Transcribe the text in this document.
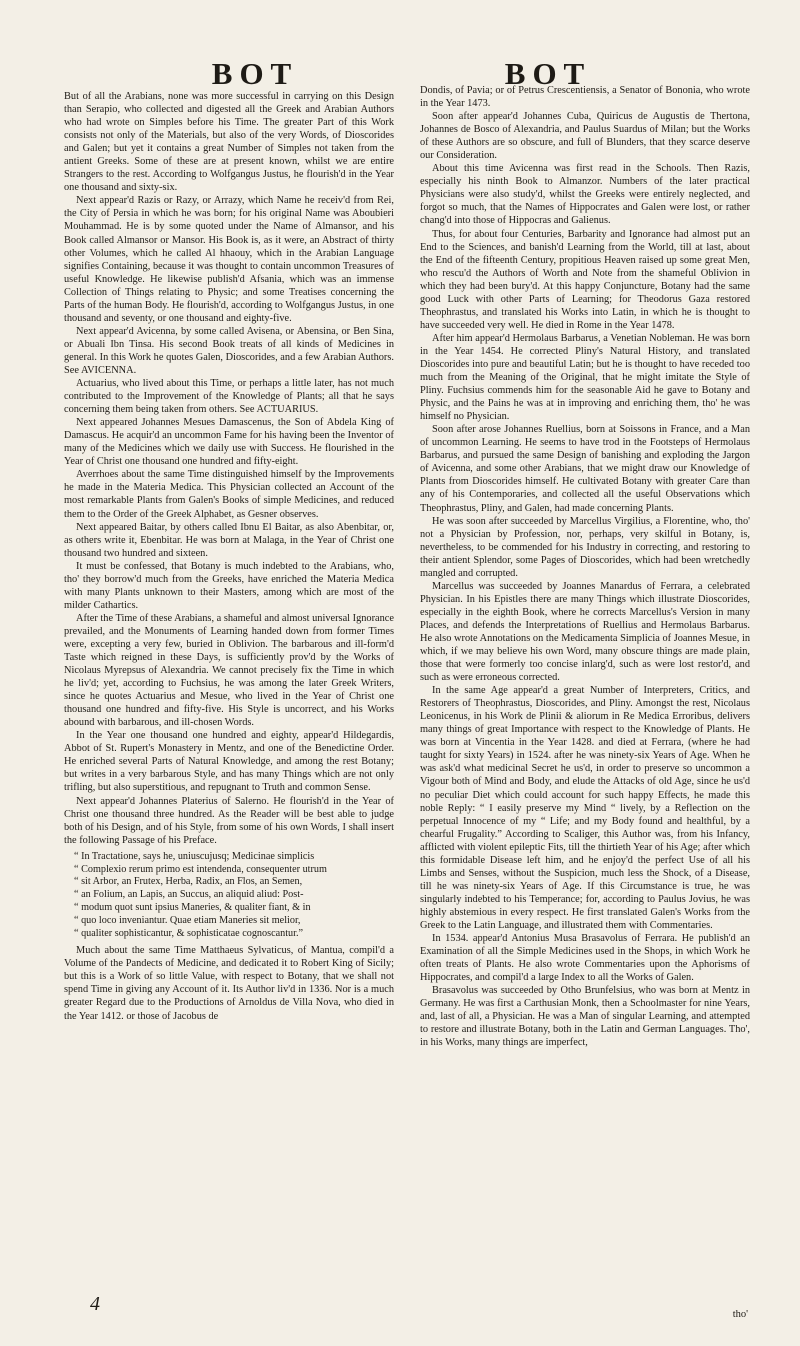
BOT	BOT

But of all the Arabians, none was more successful in carrying on this Design than Serapio, who collected and digested all the Greek and Arabian Authors who had wrote on Simples before his Time. The greater Part of this Work consists not only of the Materials, but also of the very Words, of Dioscorides and Galen; but yet it contains a great Number of Simples not taken from the antient Greeks. Some of these are at present known, whilst we are entire Strangers to the rest. According to Wolfgangus Justus, he flourish'd in the Year one thousand and sixty-six.

Next appear'd Razis or Razy, or Arrazy, which Name he receiv'd from Rei, the City of Persia in which he was born; for his original Name was Aboubieri Mouhammad. He is by some quoted under the Name of Almansor, and his Book called Almansor or Mansor. His Book is, as it were, an Abstract of thirty other Volumes, which he called Al hhaouy, which in the Arabian Language signifies Containing, because it was thought to contain uncommon Treasures of useful Knowledge. He likewise publish'd Afsania, which was an immense Collection of Things relating to Physic; and some Treatises concerning the Parts of the human Body. He flourish'd, according to Wolfgangus Justus, in one thousand and seventy, or one thousand and eighty-five.

Next appear'd Avicenna, by some called Avisena, or Abensina, or Ben Sina, or Abuali Ibn Tinsa. His second Book treats of all kinds of Medicines in general. In this Work he quotes Galen, Dioscorides, and a few Arabian Authors. See AVICENNA.

Actuarius, who lived about this Time, or perhaps a little later, has not much contributed to the Improvement of the Knowledge of Plants; all that he says concerning them being taken from others. See ACTUARIUS.

Next appeared Johannes Mesues Damascenus, the Son of Abdela King of Damascus. He acquir'd an uncommon Fame for his having been the Inventor of many of the Medicines which we daily use with Success. He flourished in the Year of Christ one thousand one hundred and fifty-eight.

Averrhoes about the same Time distinguished himself by the Improvements he made in the Materia Medica. This Physician collected an Account of the most remarkable Plants from Galen's Books of simple Medicines, and reduced them to the Order of the Greek Alphabet, as Gesner observes.

Next appeared Baitar, by others called Ibnu El Baitar, as also Abenbitar, or, as others write it, Ebenbitar. He was born at Malaga, in the Year of Christ one thousand two hundred and sixteen.

It must be confessed, that Botany is much indebted to the Arabians, who, tho' they borrow'd much from the Greeks, have enriched the Materia Medica with many Plants unknown to their Masters, among which are most of the milder Cathartics.

After the Time of these Arabians, a shameful and almost universal Ignorance prevailed, and the Monuments of Learning handed down from former Times were, excepting a very few, buried in Oblivion. The barbarous and ill-form'd Taste which reigned in these Days, is sufficiently prov'd by the Works of Nicolaus Myrepsus of Alexandria. We cannot precisely fix the Time in which he liv'd; yet, according to Fuchsius, he was among the later Greek Writers, since he quotes Actuarius and Mesue, who lived in the Year of Christ one thousand one hundred and fifty-five. His Style is uncorrect, and his Works abound with barbarous, and ill-chosen Words.

In the Year one thousand one hundred and eighty, appear'd Hildegardis, Abbot of St. Rupert's Monastery in Mentz, and one of the Benedictine Order. He enriched several Parts of Natural Knowledge, and among the rest Botany; but writes in a very barbarous Style, and has many Things which are not only trifling, but also superstitious, and repugnant to Truth and common Sense.

Next appear'd Johannes Platerius of Salerno. He flourish'd in the Year of Christ one thousand three hundred. As the Reader will be best able to judge both of his Design, and of his Style, from some of his own Words, I shall insert the following Passage of his Preface.

“ In Tractatione, says he, uniuscujusq; Medicinae simplicis
“ Complexio rerum primo est intendenda, consequenter utrum
“ sit Arbor, an Frutex, Herba, Radix, an Flos, an Semen,
“ an Folium, an Lapis, an Succus, an aliquid aliud: Post-
“ modum quot sunt ipsius Maneries, & qualiter fiant, & in
“ quo loco inveniantur. Quae etiam Maneries sit melior,
“ qualiter sophisticantur, & sophisticatae cognoscantur.”

Much about the same Time Matthaeus Sylvaticus, of Mantua, compil'd a Volume of the Pandects of Medicine, and dedicated it to Robert King of Sicily; but this is a Work of so little Value, with respect to Botany, that we shall not spend Time in giving any Account of it. Its Author liv'd in 1336. Nor is a much greater Regard due to the Productions of Arnoldus de Villa Nova, who died in the Year 1412. or those of Jacobus de

Dondis, of Pavia; or of Petrus Crescentiensis, a Senator of Bononia, who wrote in the Year 1473.

Soon after appear'd Johannes Cuba, Quiricus de Augustis de Thertona, Johannes de Bosco of Alexandria, and Paulus Suardus of Milan; but the Works of these Authors are so obscure, and full of Blunders, that they scarce deserve our Consideration.

About this time Avicenna was first read in the Schools. Then Razis, especially his ninth Book to Almanzor. Numbers of the later practical Physicians were also study'd, whilst the Greeks were entirely neglected, and forgot so much, that the Names of Hippocrates and Galen were lost, or rather chang'd into those of Hippocras and Galienus.

Thus, for about four Centuries, Barbarity and Ignorance had almost put an End to the Sciences, and banish'd Learning from the World, till at last, about the End of the fifteenth Century, propitious Heaven raised up some great Men, who rescu'd the Authors of Worth and Note from the shameful Oblivion in which they had been bury'd. At this happy Conjuncture, Botany had the same good Luck with other Parts of Learning; for Theodorus Gaza restored Theophrastus, and translated his Works into Latin, in which he is thought to have succeeded very well. He died in Rome in the Year 1478.

After him appear'd Hermolaus Barbarus, a Venetian Nobleman. He was born in the Year 1454. He corrected Pliny's Natural History, and translated Dioscorides into pure and beautiful Latin; but he is thought to have receded too much from the Meaning of the Original, that he might imitate the Style of Pliny. Fuchsius commends him for the seasonable Aid he gave to Botany and Physic, and the Pains he was at in improving and enriching them, tho' he was himself no Physician.

Soon after arose Johannes Ruellius, born at Soissons in France, and a Man of uncommon Learning. He seems to have trod in the Footsteps of Hermolaus Barbarus, and pursued the same Design of banishing and exploding the Jargon of Avicenna, and some other Arabians, that we might draw our Knowledge of Plants from Dioscorides himself. He cultivated Botany with greater Care than any of his Contemporaries, and collected all the useful Observations which Theophrastus, Pliny, and Galen, had made concerning Plants.

He was soon after succeeded by Marcellus Virgilius, a Florentine, who, tho' not a Physician by Profession, nor, perhaps, very skilful in Botany, is, nevertheless, to be commended for his Industry in correcting, and restoring to their antient Splendor, some Pages of Dioscorides, which had been wretchedly mangled and corrupted.

Marcellus was succeeded by Joannes Manardus of Ferrara, a celebrated Physician. In his Epistles there are many Things which illustrate Dioscorides, especially in the eighth Book, where he corrects Marcellus's Version in many Places, and defends the Interpretations of Ruellius and Hermolaus Barbarus. He also wrote Annotations on the Medicamenta Simplicia of Joannes Mesue, in which, if we may believe his own Word, many obscure things are made plain, those that were formerly too concise inlarg'd, such as were lost restor'd, and such as were erroneous corrected.

In the same Age appear'd a great Number of Interpreters, Critics, and Restorers of Theophrastus, Dioscorides, and Pliny. Amongst the rest, Nicolaus Leonicenus, in his Work de Plinii & aliorum in Re Medica Erroribus, delivers many things of great Importance with respect to the Knowledge of Plants. He was born at Vincentia in the Year 1428. and died at Ferrara, (where he had taught for sixty Years) in 1524. after he was ninety-six Years of Age. When he was ask'd what medicinal Secret he us'd, in order to preserve so uncommon a Vigour both of Mind and Body, and elude the Attacks of old Age, since he us'd no peculiar Diet which could account for such happy Effects, he made this noble Reply: “ I easily preserve my Mind “ lively, by a Reflection on the perpetual Innocence of my “ Life; and my Body found and healthful, by a chearful Frugality.” According to Scaliger, this Author was, from his Infancy, afflicted with violent epileptic Fits, till the thirtieth Year of his Age; after which this formidable Disease left him, and he enjoy'd the perfect Use of all his Limbs and Senses, without the Suspicion, much less the Shock, of a Disease, till he was ninety-six Years of Age. If this Circumstance is true, he was singularly indebted to his Temperance; for, according to Paulus Jovius, he was highly abstemious in every respect. He first translated Galen's Works from the Greek to the Latin Language, and illustrated them with Commentaries.

In 1534. appear'd Antonius Musa Brasavolus of Ferrara. He publish'd an Examination of all the Simple Medicines used in the Shops, in which Work he often treats of Plants. He also wrote Commentaries upon the Aphorisms of Hippocrates, and compil'd a large Index to all the Works of Galen.

Brasavolus was succeeded by Otho Brunfelsius, who was born at Mentz in Germany. He was first a Carthusian Monk, then a Schoolmaster for nine Years, and, last of all, a Physician. He was a Man of singular Learning, and attempted to restore and illustrate Botany, both in the Latin and German Languages. Tho', in his Works, many things are imperfect,

4	tho'
